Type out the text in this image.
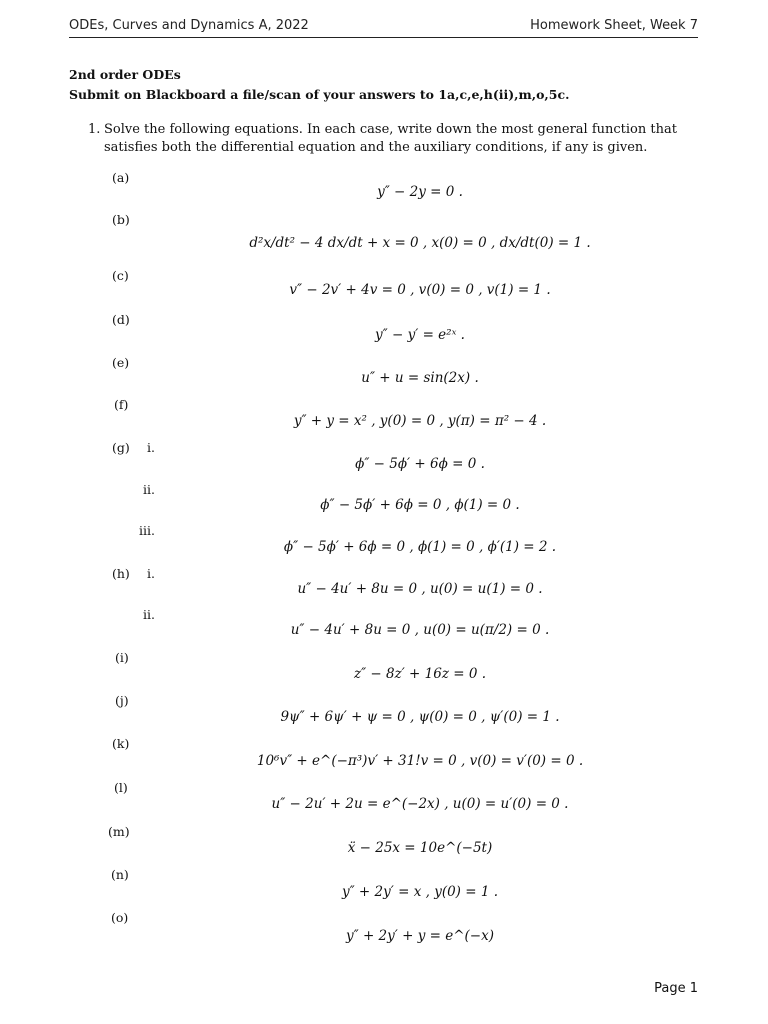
ODEs, Curves and Dynamics A, 2022	Homework Sheet, Week 7
2nd order ODEs
Submit on Blackboard a file/scan of your answers to 1a,c,e,h(ii),m,o,5c.
1. Solve the following equations. In each case, write down the most general function that satisfies both the differential equation and the auxiliary conditions, if any is given.
(a)
y″ − 2y = 0 .
(b)
d²x/dt² − 4 dx/dt + x = 0 , x(0) = 0 , dx/dt(0) = 1 .
(c)
v″ − 2v′ + 4v = 0 , v(0) = 0 , v(1) = 1 .
(d)
y″ − y′ = e²ˣ .
(e)
u″ + u = sin(2x) .
(f)
y″ + y = x² , y(0) = 0 , y(π) = π² − 4 .
(g) i.
ϕ″ − 5ϕ′ + 6ϕ = 0 .
ii.
ϕ″ − 5ϕ′ + 6ϕ = 0 , ϕ(1) = 0 .
iii.
ϕ″ − 5ϕ′ + 6ϕ = 0 , ϕ(1) = 0 , ϕ′(1) = 2 .
(h) i.
u″ − 4u′ + 8u = 0 , u(0) = u(1) = 0 .
ii.
u″ − 4u′ + 8u = 0 , u(0) = u(π/2) = 0 .
(i)
z″ − 8z′ + 16z = 0 .
(j)
9ψ″ + 6ψ′ + ψ = 0 , ψ(0) = 0 , ψ′(0) = 1 .
(k)
10⁶v″ + e^(−π³)v′ + 31!v = 0 , v(0) = v′(0) = 0 .
(l)
u″ − 2u′ + 2u = e^(−2x) , u(0) = u′(0) = 0 .
(m)
ẍ − 25x = 10e^(−5t)
(n)
y″ + 2y′ = x , y(0) = 1 .
(o)
y″ + 2y′ + y = e^(−x)
Page 1
